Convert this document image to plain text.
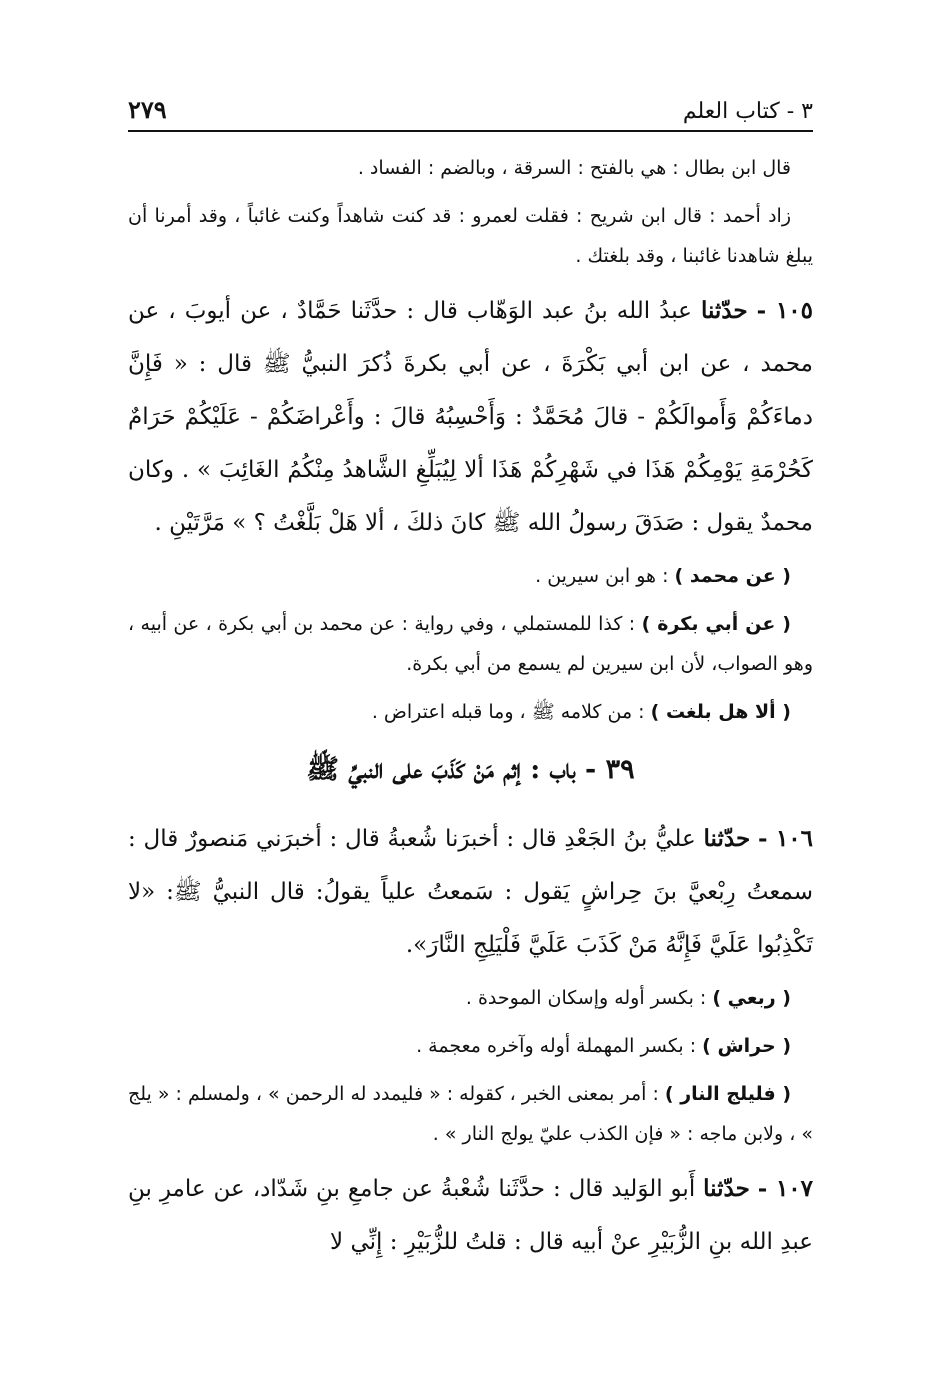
٢٧٩	٣ - كتاب العلم

قال ابن بطال : هي بالفتح : السرقة ، وبالضم : الفساد .

زاد أحمد : قال ابن شريح : فقلت لعمرو : قد كنت شاهداً وكنت غائباً ، وقد أمرنا أن يبلغ شاهدنا غائبنا ، وقد بلغتك .

١٠٥ - حدّثنا عبدُ الله بنُ عبد الوَهّاب قال : حدَّثَنا حَمَّادٌ ، عن أيوبَ ، عن محمد ، عن ابن أبي بَكْرَةَ ، عن أبي بكرةَ ذُكرَ النبيُّ ﷺ قال : « فَإِنَّ دماءَكُمْ وَأَموالَكُمْ - قالَ مُحَمَّدٌ : وَأَحْسِبُهُ قالَ : وأَعْراضَكُمْ - عَلَيْكُمْ حَرَامٌ كَحُرْمَةِ يَوْمِكُمْ هَذَا في شَهْرِكُمْ هَذَا ألا لِيُبَلِّغِ الشَّاهدُ مِنْكُمُ الغَائِبَ » . وكان محمدٌ يقول : صَدَقَ رسولُ الله ﷺ كانَ ذلكَ ، ألا هَلْ بَلَّغْتُ ؟ » مَرَّتَيْنِ .

( عن محمد ) : هو ابن سيرين .

( عن أبي بكرة ) : كذا للمستملي ، وفي رواية : عن محمد بن أبي بكرة ، عن أبيه ، وهو الصواب، لأن ابن سيرين لم يسمع من أبي بكرة.

( ألا هل بلغت ) : من كلامه ﷺ ، وما قبله اعتراض .

٣٩ - باب : إثم مَنْ كَذَبَ على النبيِّ ﷺ

١٠٦ - حدّثنا عليُّ بنُ الجَعْدِ قال : أخبرَنا شُعبةُ قال : أخبرَني مَنصورٌ قال : سمعتُ رِبْعيَّ بنَ حِراشٍ يَقول : سَمعتُ علياً يقولُ: قال النبيُّ ﷺ: «لا تَكْذِبُوا عَلَيَّ فَإِنَّهُ مَنْ كَذَبَ عَلَيَّ فَلْيَلِجِ النَّارَ».

( ربعي ) : بكسر أوله وإسكان الموحدة .

( حراش ) : بكسر المهملة أوله وآخره معجمة .

( فليلج النار ) : أمر بمعنى الخبر ، كقوله : « فليمدد له الرحمن » ، ولمسلم : « يلج » ، ولابن ماجه : « فإن الكذب عليّ يولج النار » .

١٠٧ - حدّثنا أَبو الوَليد قال : حدَّثَنا شُعْبةُ عن جامعِ بنِ شَدّاد، عن عامرِ بنِ عبدِ الله بنِ الزُّبَيْرِ عنْ أبيه قال : قلتُ للزُّبَيْرِ : إِنِّي لا
